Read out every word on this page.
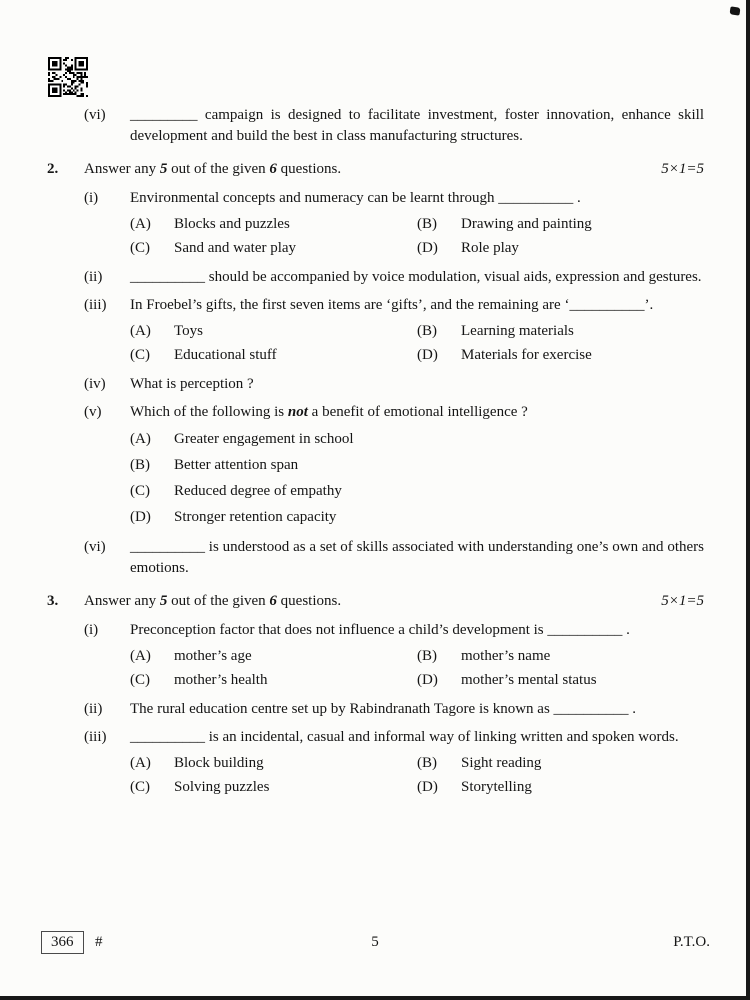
(vi)	_________ campaign is designed to facilitate investment, foster innovation, enhance skill development and build the best in class manufacturing structures.
2.	Answer any 5 out of the given 6 questions.	5×1=5
(i)	Environmental concepts and numeracy can be learnt through __________ .
(A)	Blocks and puzzles	(B)	Drawing and painting
(C)	Sand and water play	(D)	Role play
(ii)	__________ should be accompanied by voice modulation, visual aids, expression and gestures.
(iii)	In Froebel’s gifts, the first seven items are ‘gifts’, and the remaining are ‘__________’.
(A)	Toys	(B)	Learning materials
(C)	Educational stuff	(D)	Materials for exercise
(iv)	What is perception ?
(v)	Which of the following is not a benefit of emotional intelligence ?
(A)	Greater engagement in school
(B)	Better attention span
(C)	Reduced degree of empathy
(D)	Stronger retention capacity
(vi)	__________ is understood as a set of skills associated with understanding one’s own and others emotions.
3.	Answer any 5 out of the given 6 questions.	5×1=5
(i)	Preconception factor that does not influence a child’s development is __________ .
(A)	mother’s age	(B)	mother’s name
(C)	mother’s health	(D)	mother’s mental status
(ii)	The rural education centre set up by Rabindranath Tagore is known as __________ .
(iii)	__________ is an incidental, casual and informal way of linking written and spoken words.
(A)	Block building	(B)	Sight reading
(C)	Solving puzzles	(D)	Storytelling
366	#	5	P.T.O.
